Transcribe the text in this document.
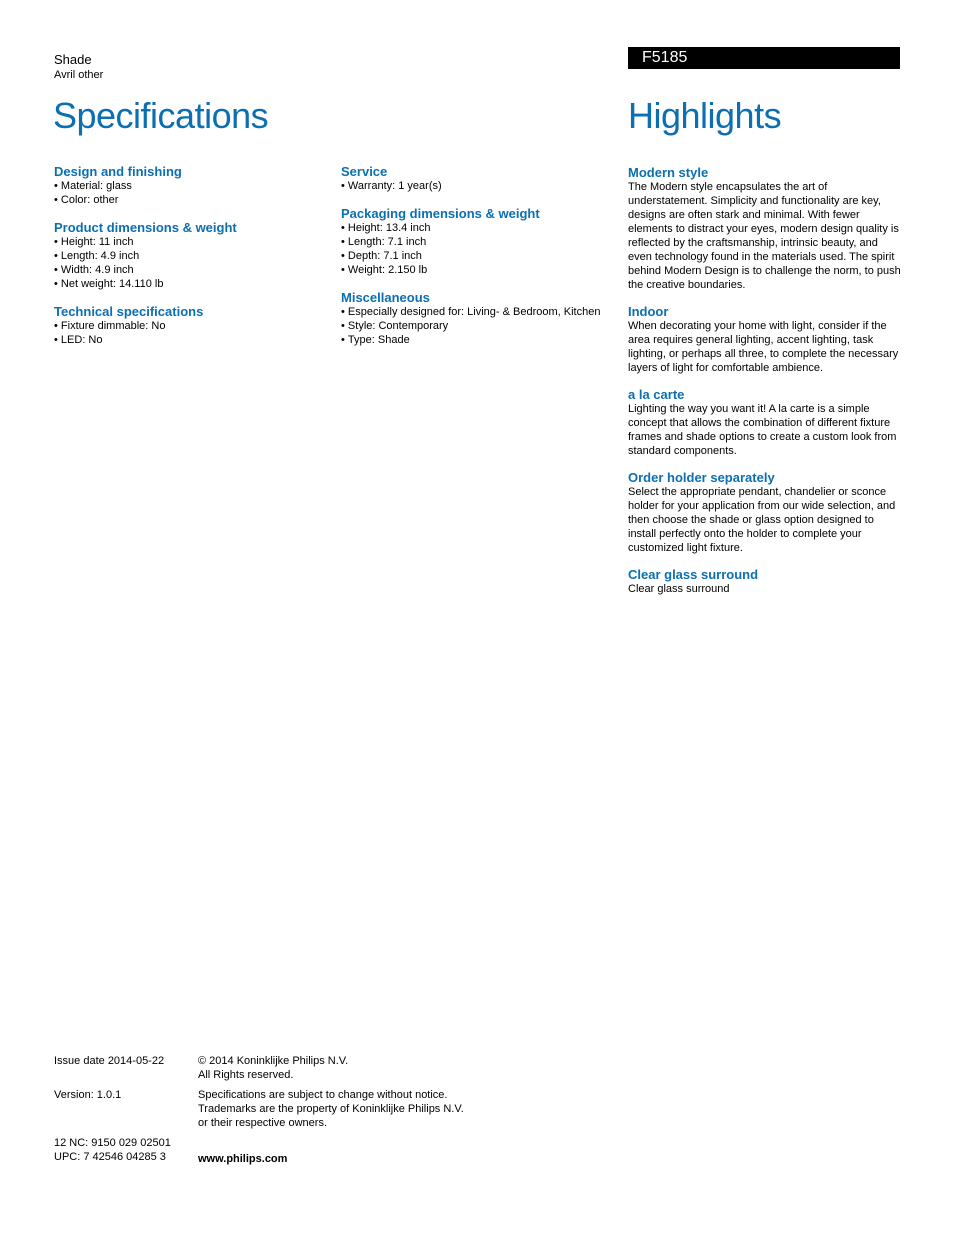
Shade
Avril other
F5185
Specifications	Highlights
Design and finishing
• Material: glass
• Color: other
Product dimensions & weight
• Height: 11 inch
• Length: 4.9 inch
• Width: 4.9 inch
• Net weight: 14.110 lb
Technical specifications
• Fixture dimmable: No
• LED: No
Service
• Warranty: 1 year(s)
Packaging dimensions & weight
• Height: 13.4 inch
• Length: 7.1 inch
• Depth: 7.1 inch
• Weight: 2.150 lb
Miscellaneous
• Especially designed for: Living- & Bedroom, Kitchen
• Style: Contemporary
• Type: Shade
Modern style

The Modern style encapsulates the art of understatement. Simplicity and functionality are key, designs are often stark and minimal. With fewer elements to distract your eyes, modern design quality is reflected by the craftsmanship, intrinsic beauty, and even technology found in the materials used. The spirit behind Modern Design is to challenge the norm, to push the creative boundaries.

Indoor

When decorating your home with light, consider if the area requires general lighting, accent lighting, task lighting, or perhaps all three, to complete the necessary layers of light for comfortable ambience.

a la carte

Lighting the way you want it! A la carte is a simple concept that allows the combination of different fixture frames and shade options to create a custom look from standard components.

Order holder separately

Select the appropriate pendant, chandelier or sconce holder for your application from our wide selection, and then choose the shade or glass option designed to install perfectly onto the holder to complete your customized light fixture.

Clear glass surround

Clear glass surround

Issue date 2014-05-22
Version: 1.0.1
12 NC: 9150 029 02501
UPC: 7 42546 04285 3
© 2014 Koninklijke Philips N.V.
All Rights reserved.
Specifications are subject to change without notice.
Trademarks are the property of Koninklijke Philips N.V.
or their respective owners.
www.philips.com
